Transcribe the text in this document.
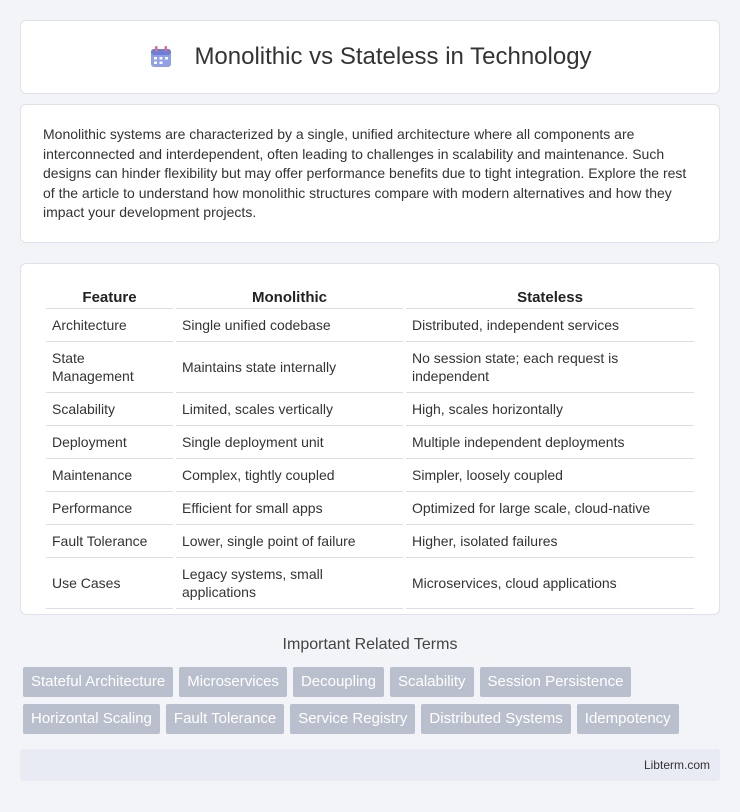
Monolithic vs Stateless in Technology

Monolithic systems are characterized by a single, unified architecture where all components are interconnected and interdependent, often leading to challenges in scalability and maintenance. Such designs can hinder flexibility but may offer performance benefits due to tight integration. Explore the rest of the article to understand how monolithic structures compare with modern alternatives and how they impact your development projects.

Feature	Monolithic	Stateless
Architecture	Single unified codebase	Distributed, independent services
State Management	Maintains state internally	No session state; each request is independent
Scalability	Limited, scales vertically	High, scales horizontally
Deployment	Single deployment unit	Multiple independent deployments
Maintenance	Complex, tightly coupled	Simpler, loosely coupled
Performance	Efficient for small apps	Optimized for large scale, cloud-native
Fault Tolerance	Lower, single point of failure	Higher, isolated failures
Use Cases	Legacy systems, small applications	Microservices, cloud applications
Important Related Terms
Stateful Architecture	Microservices	Decoupling	Scalability	Session Persistence
Horizontal Scaling	Fault Tolerance	Service Registry	Distributed Systems	Idempotency
Libterm.com
